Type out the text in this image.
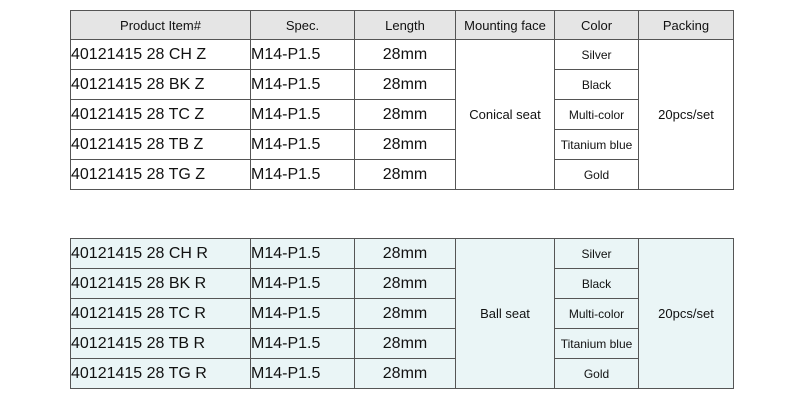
Product Item#	Spec.	Length	Mounting face	Color	Packing
40121415 28 CH Z	M14-P1.5	28mm	Conical seat	Silver	20pcs/set
40121415 28 BK Z	M14-P1.5	28mm		Black	
40121415 28 TC Z	M14-P1.5	28mm		Multi-color	
40121415 28 TB Z	M14-P1.5	28mm		Titanium blue	
40121415 28 TG Z	M14-P1.5	28mm		Gold	
40121415 28 CH R	M14-P1.5	28mm	Ball seat	Silver	20pcs/set
40121415 28 BK R	M14-P1.5	28mm		Black	
40121415 28 TC R	M14-P1.5	28mm		Multi-color	
40121415 28 TB R	M14-P1.5	28mm		Titanium blue	
40121415 28 TG R	M14-P1.5	28mm		Gold	
